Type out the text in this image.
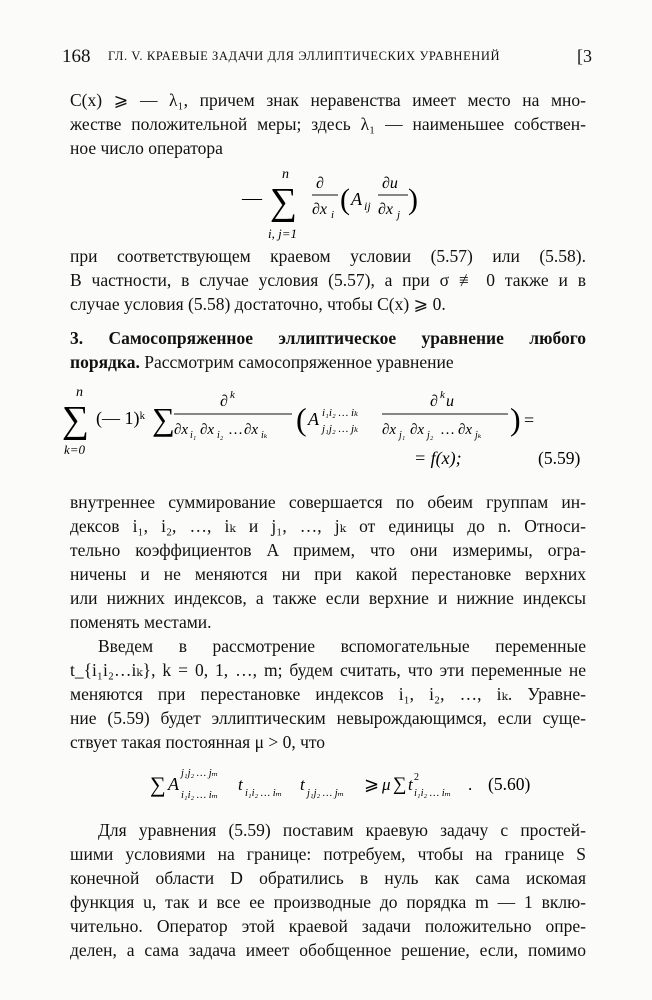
168 ГЛ. V. КРАЕВЫЕ ЗАДАЧИ ДЛЯ ЭЛЛИПТИЧЕСКИХ УРАВНЕНИЙ	[3
C(x) ⩾ — λ₁, причем знак неравенства имеет место на мно-
жестве положительной меры; здесь λ₁ — наименьшее собствен-
ное число оператора
—
n
∑
i, j=1
∂
∂x i ( A ij
∂u
∂x j )
при соответствующем краевом условии (5.57) или (5.58).
В частности, в случае условия (5.57), а при σ ≢ 0 также и в
случае условия (5.58) достаточно, чтобы C(x) ⩾ 0.
3. Самосопряженное эллиптическое уравнение любого
порядка. Рассмотрим самосопряженное уравнение
n
∑
k=0
(— 1)ᵏ ∑	∂ k
∂x i₁ ∂x i₂ … ∂x iₖ ( A i₁i₂ … iₖ
j₁j₂ … jₖ
∂ k u
∂x j₁ ∂x j₂ … ∂x jₖ ) =
= f(x);	(5.59)
внутреннее суммирование совершается по обеим группам ин-
дексов i₁, i₂, …, iₖ и j₁, …, jₖ от единицы до n. Относи-
тельно коэффициентов A примем, что они измеримы, огра-
ничены и не меняются ни при какой перестановке верхних
или нижних индексов, а также если верхние и нижние индексы
поменять местами.
Введем в рассмотрение вспомогательные переменные
t_{i₁i₂…iₖ}, k = 0, 1, …, m; будем считать, что эти переменные не
меняются при перестановке индексов i₁, i₂, …, iₖ. Уравне-
ние (5.59) будет эллиптическим невырождающимся, если суще-
ствует такая постоянная μ > 0, что
∑ A
j₁j₂ … jₘ
i₁i₂ … iₘ
t i₁i₂ … iₘ t j₁j₂ … jₘ ⩾ μ ∑ t 2
i₁i₂ … iₘ . (5.60)
Для уравнения (5.59) поставим краевую задачу с простей-
шими условиями на границе: потребуем, чтобы на границе S
конечной области D обратились в нуль как сама искомая
функция u, так и все ее производные до порядка m — 1 вклю-
чительно. Оператор этой краевой задачи положительно опре-
делен, а сама задача имеет обобщенное решение, если, помимо
